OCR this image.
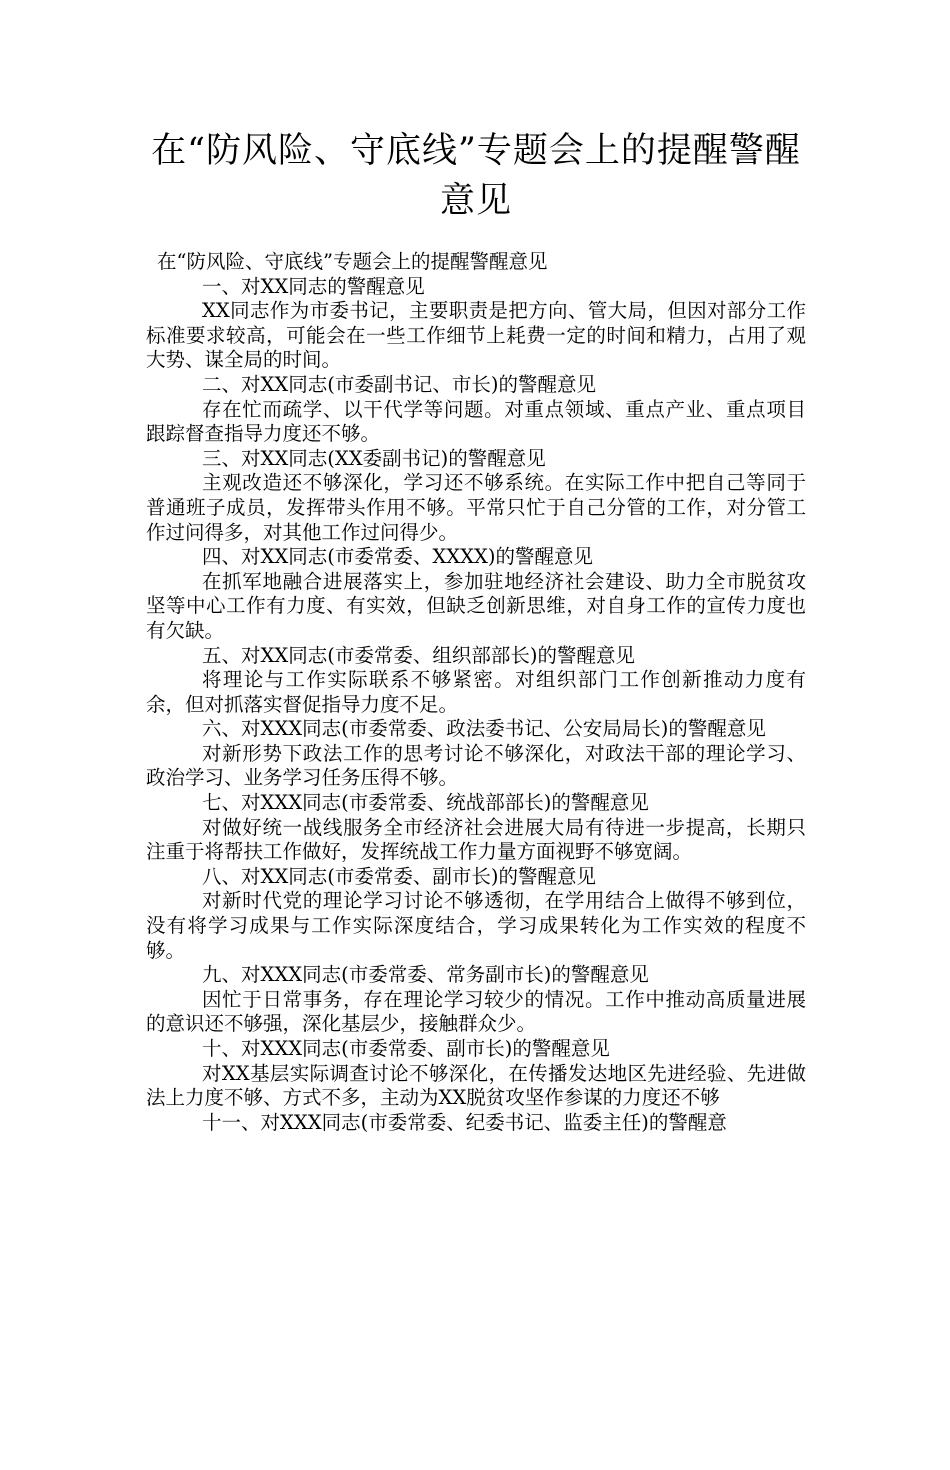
在“防风险、守底线”专题会上的提醒警醒意见

在“防风险、守底线”专题会上的提醒警醒意见

一、对XX同志的警醒意见

XX同志作为市委书记，主要职责是把方向、管大局，但因对部分工作标准要求较高，可能会在一些工作细节上耗费一定的时间和精力，占用了观大势、谋全局的时间。

二、对XX同志(市委副书记、市长)的警醒意见

存在忙而疏学、以干代学等问题。对重点领域、重点产业、重点项目跟踪督查指导力度还不够。

三、对XX同志(XX委副书记)的警醒意见

主观改造还不够深化，学习还不够系统。在实际工作中把自己等同于普通班子成员，发挥带头作用不够。平常只忙于自己分管的工作，对分管工作过问得多，对其他工作过问得少。

四、对XX同志(市委常委、XXXX)的警醒意见

在抓军地融合进展落实上，参加驻地经济社会建设、助力全市脱贫攻坚等中心工作有力度、有实效，但缺乏创新思维，对自身工作的宣传力度也有欠缺。

五、对XX同志(市委常委、组织部部长)的警醒意见

将理论与工作实际联系不够紧密。对组织部门工作创新推动力度有余，但对抓落实督促指导力度不足。

六、对XXX同志(市委常委、政法委书记、公安局局长)的警醒意见

对新形势下政法工作的思考讨论不够深化，对政法干部的理论学习、政治学习、业务学习任务压得不够。

七、对XXX同志(市委常委、统战部部长)的警醒意见

对做好统一战线服务全市经济社会进展大局有待进一步提高，长期只注重于将帮扶工作做好，发挥统战工作力量方面视野不够宽阔。

八、对XX同志(市委常委、副市长)的警醒意见

对新时代党的理论学习讨论不够透彻，在学用结合上做得不够到位，没有将学习成果与工作实际深度结合，学习成果转化为工作实效的程度不够。

九、对XXX同志(市委常委、常务副市长)的警醒意见

因忙于日常事务，存在理论学习较少的情况。工作中推动高质量进展的意识还不够强，深化基层少，接触群众少。

十、对XXX同志(市委常委、副市长)的警醒意见

对XX基层实际调查讨论不够深化，在传播发达地区先进经验、先进做法上力度不够、方式不多，主动为XX脱贫攻坚作参谋的力度还不够

十一、对XXX同志(市委常委、纪委书记、监委主任)的警醒意
